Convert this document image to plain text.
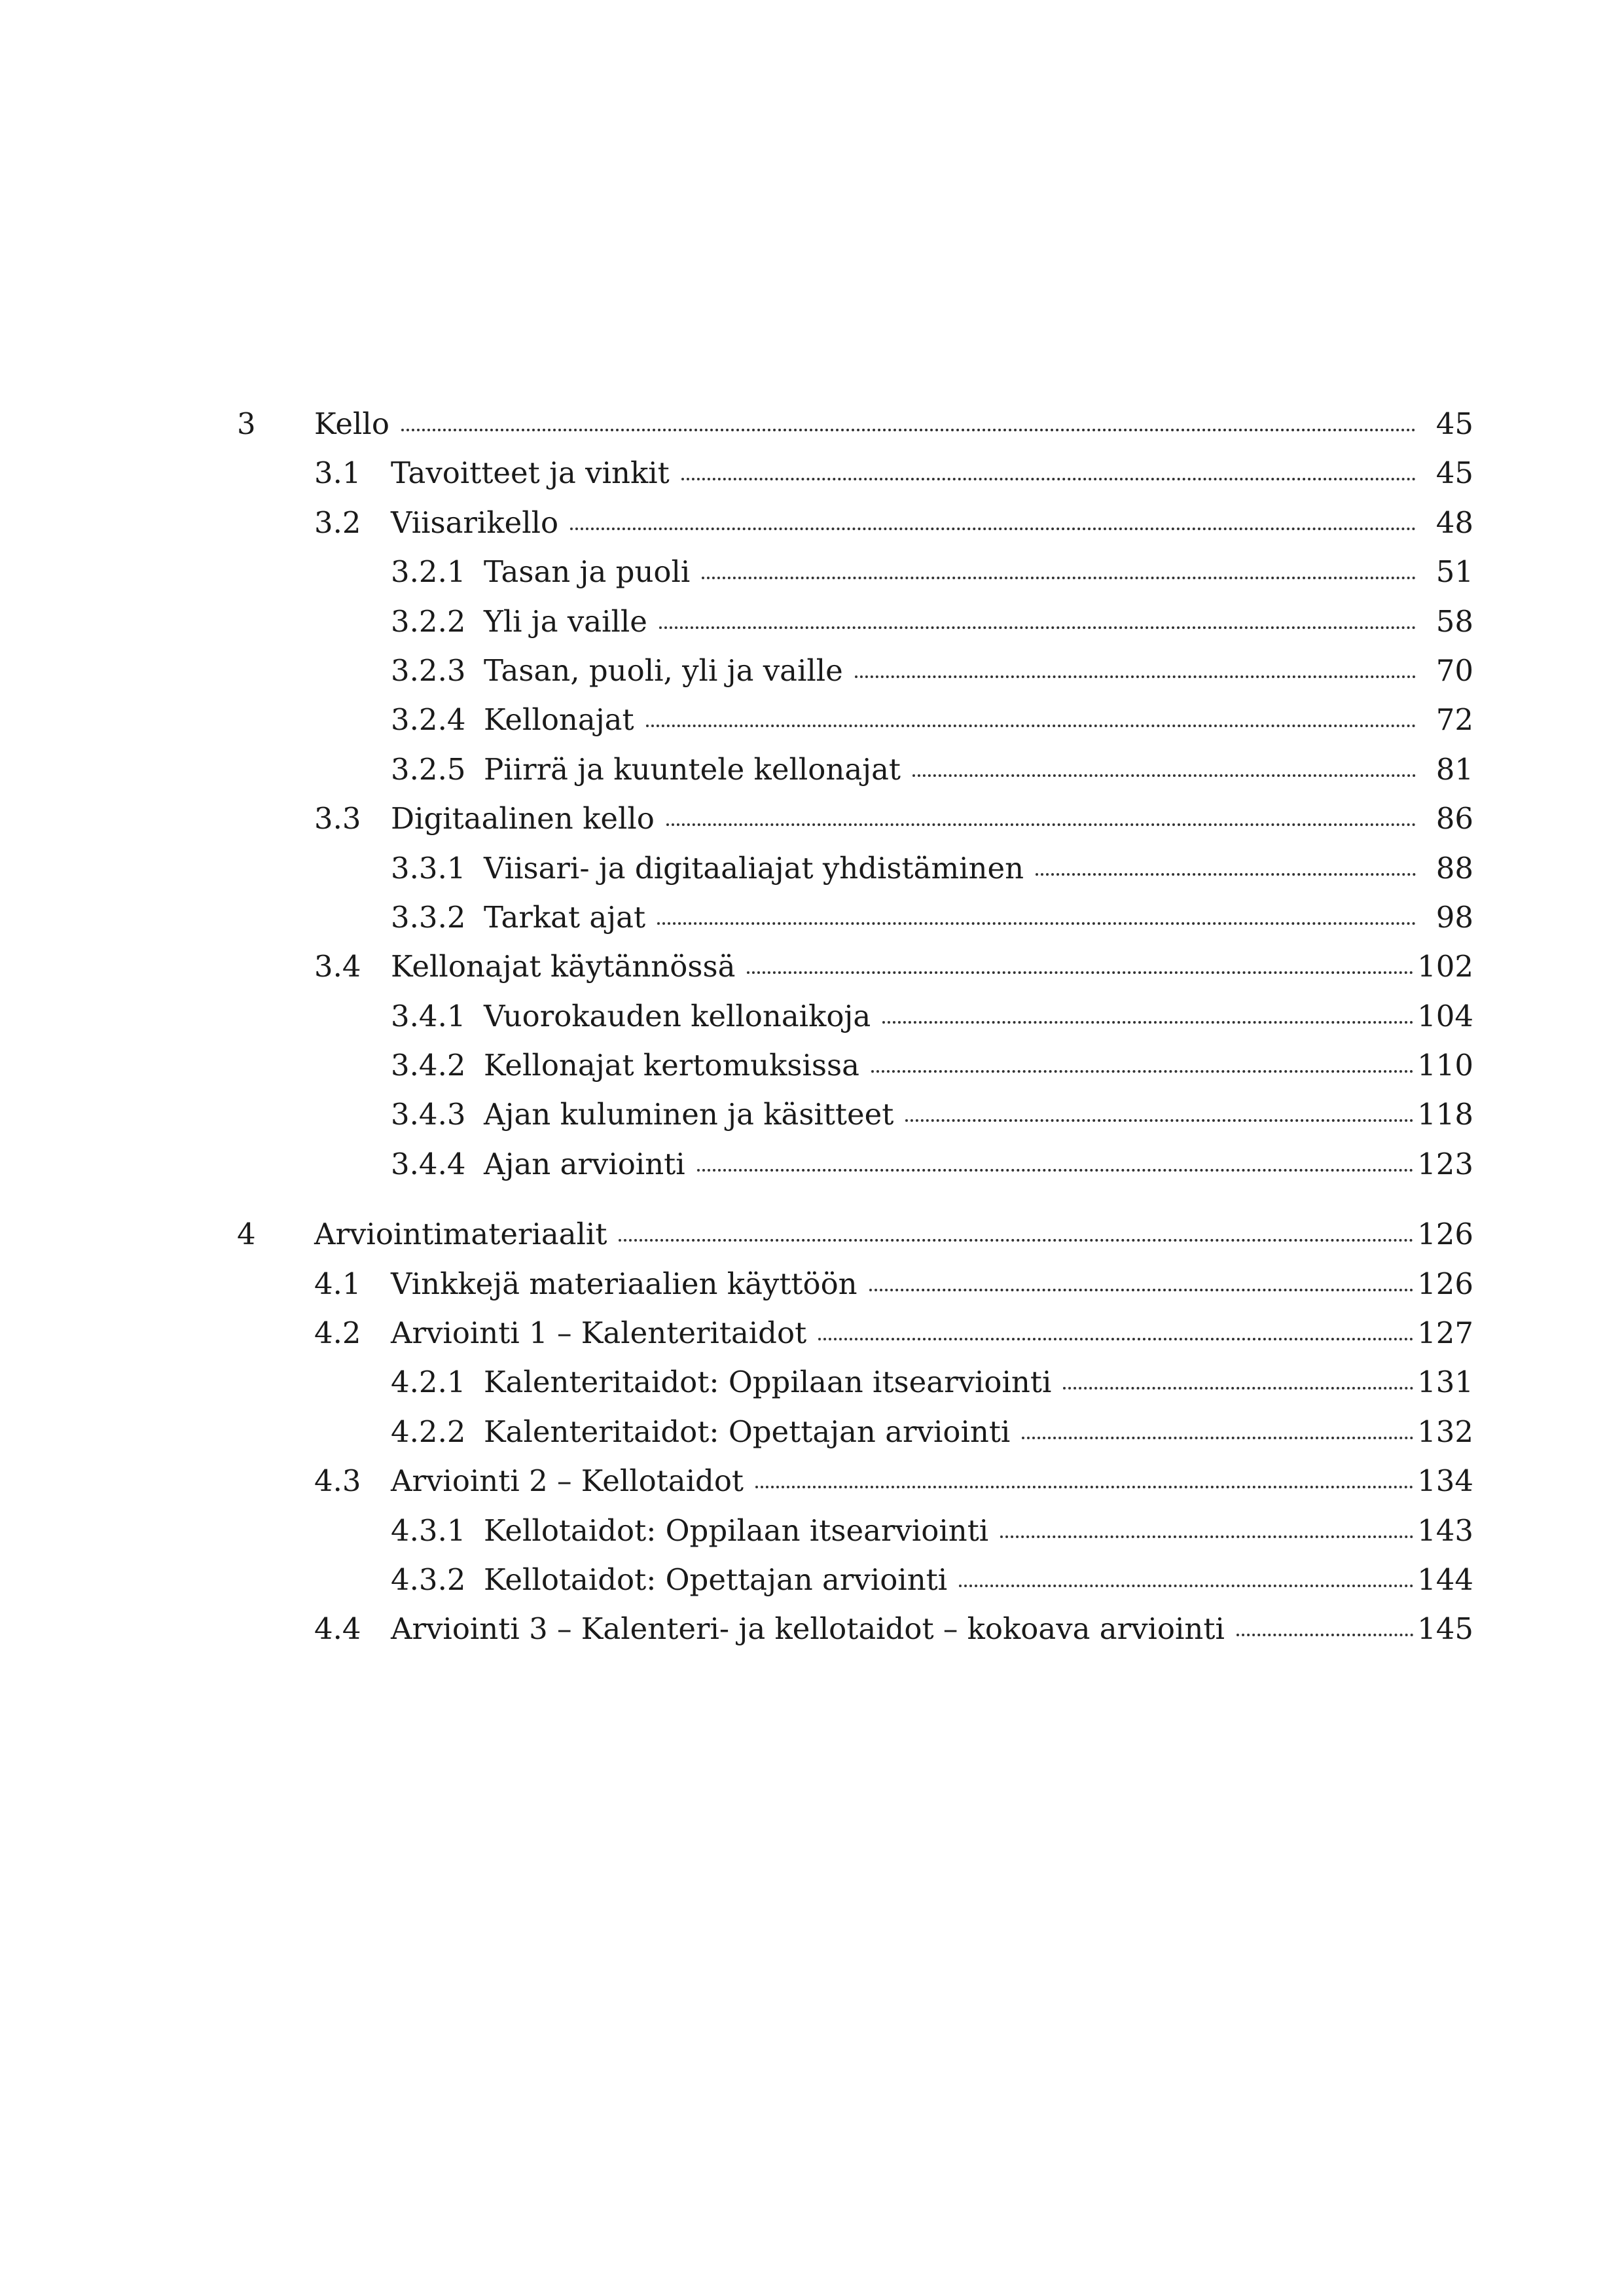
3 Kello	45
3.1 Tavoitteet ja vinkit	45
3.2 Viisarikello	48
3.2.1 Tasan ja puoli	51
3.2.2 Yli ja vaille	58
3.2.3 Tasan, puoli, yli ja vaille	70
3.2.4 Kellonajat	72
3.2.5 Piirrä ja kuuntele kellonajat	81
3.3 Digitaalinen kello	86
3.3.1 Viisari- ja digitaaliajat yhdistäminen	88
3.3.2 Tarkat ajat	98
3.4 Kellonajat käytännössä	102
3.4.1 Vuorokauden kellonaikoja	104
3.4.2 Kellonajat kertomuksissa	110
3.4.3 Ajan kuluminen ja käsitteet	118
3.4.4 Ajan arviointi	123
4 Arviointimateriaalit	126
4.1 Vinkkejä materiaalien käyttöön	126
4.2 Arviointi 1 – Kalenteritaidot	127
4.2.1 Kalenteritaidot: Oppilaan itsearviointi	131
4.2.2 Kalenteritaidot: Opettajan arviointi	132
4.3 Arviointi 2 – Kellotaidot	134
4.3.1 Kellotaidot: Oppilaan itsearviointi	143
4.3.2 Kellotaidot: Opettajan arviointi	144
4.4 Arviointi 3 – Kalenteri- ja kellotaidot – kokoava arviointi	145
